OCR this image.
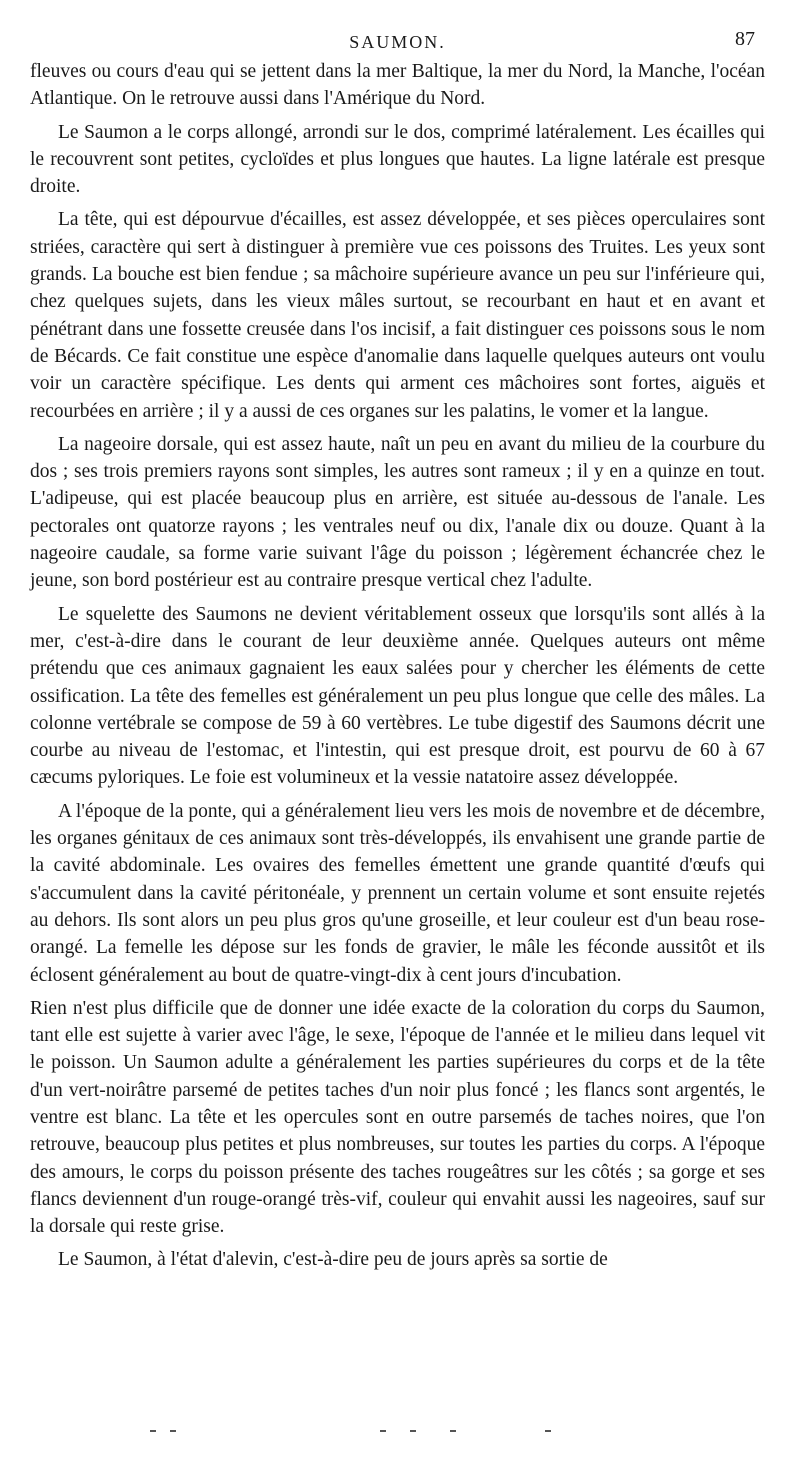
SAUMON.	87

fleuves ou cours d'eau qui se jettent dans la mer Baltique, la mer du Nord, la Manche, l'océan Atlantique. On le retrouve aussi dans l'Amérique du Nord.

Le Saumon a le corps allongé, arrondi sur le dos, comprimé latéralement. Les écailles qui le recouvrent sont petites, cycloïdes et plus longues que hautes. La ligne latérale est presque droite.

La tête, qui est dépourvue d'écailles, est assez développée, et ses pièces operculaires sont striées, caractère qui sert à distinguer à première vue ces poissons des Truites. Les yeux sont grands. La bouche est bien fendue ; sa mâchoire supérieure avance un peu sur l'inférieure qui, chez quelques sujets, dans les vieux mâles surtout, se recourbant en haut et en avant et pénétrant dans une fossette creusée dans l'os incisif, a fait distinguer ces poissons sous le nom de Bécards. Ce fait constitue une espèce d'anomalie dans laquelle quelques auteurs ont voulu voir un caractère spécifique. Les dents qui arment ces mâchoires sont fortes, aiguës et recourbées en arrière ; il y a aussi de ces organes sur les palatins, le vomer et la langue.

La nageoire dorsale, qui est assez haute, naît un peu en avant du milieu de la courbure du dos ; ses trois premiers rayons sont simples, les autres sont rameux ; il y en a quinze en tout. L'adipeuse, qui est placée beaucoup plus en arrière, est située au-dessous de l'anale. Les pectorales ont quatorze rayons ; les ventrales neuf ou dix, l'anale dix ou douze. Quant à la nageoire caudale, sa forme varie suivant l'âge du poisson ; légèrement échancrée chez le jeune, son bord postérieur est au contraire presque vertical chez l'adulte.

Le squelette des Saumons ne devient véritablement osseux que lorsqu'ils sont allés à la mer, c'est-à-dire dans le courant de leur deuxième année. Quelques auteurs ont même prétendu que ces animaux gagnaient les eaux salées pour y chercher les éléments de cette ossification. La tête des femelles est généralement un peu plus longue que celle des mâles. La colonne vertébrale se compose de 59 à 60 vertèbres. Le tube digestif des Saumons décrit une courbe au niveau de l'estomac, et l'intestin, qui est presque droit, est pourvu de 60 à 67 cæcums pyloriques. Le foie est volumineux et la vessie natatoire assez développée.

A l'époque de la ponte, qui a généralement lieu vers les mois de novembre et de décembre, les organes génitaux de ces animaux sont très-développés, ils envahisent une grande partie de la cavité abdominale. Les ovaires des femelles émettent une grande quantité d'œufs qui s'accumulent dans la cavité péritonéale, y prennent un certain volume et sont ensuite rejetés au dehors. Ils sont alors un peu plus gros qu'une groseille, et leur couleur est d'un beau rose-orangé. La femelle les dépose sur les fonds de gravier, le mâle les féconde aussitôt et ils éclosent généralement au bout de quatre-vingt-dix à cent jours d'incubation.

Rien n'est plus difficile que de donner une idée exacte de la coloration du corps du Saumon, tant elle est sujette à varier avec l'âge, le sexe, l'époque de l'année et le milieu dans lequel vit le poisson. Un Saumon adulte a généralement les parties supérieures du corps et de la tête d'un vert-noirâtre parsemé de petites taches d'un noir plus foncé ; les flancs sont argentés, le ventre est blanc. La tête et les opercules sont en outre parsemés de taches noires, que l'on retrouve, beaucoup plus petites et plus nombreuses, sur toutes les parties du corps. A l'époque des amours, le corps du poisson présente des taches rougeâtres sur les côtés ; sa gorge et ses flancs deviennent d'un rouge-orangé très-vif, couleur qui envahit aussi les nageoires, sauf sur la dorsale qui reste grise.

Le Saumon, à l'état d'alevin, c'est-à-dire peu de jours après sa sortie de
